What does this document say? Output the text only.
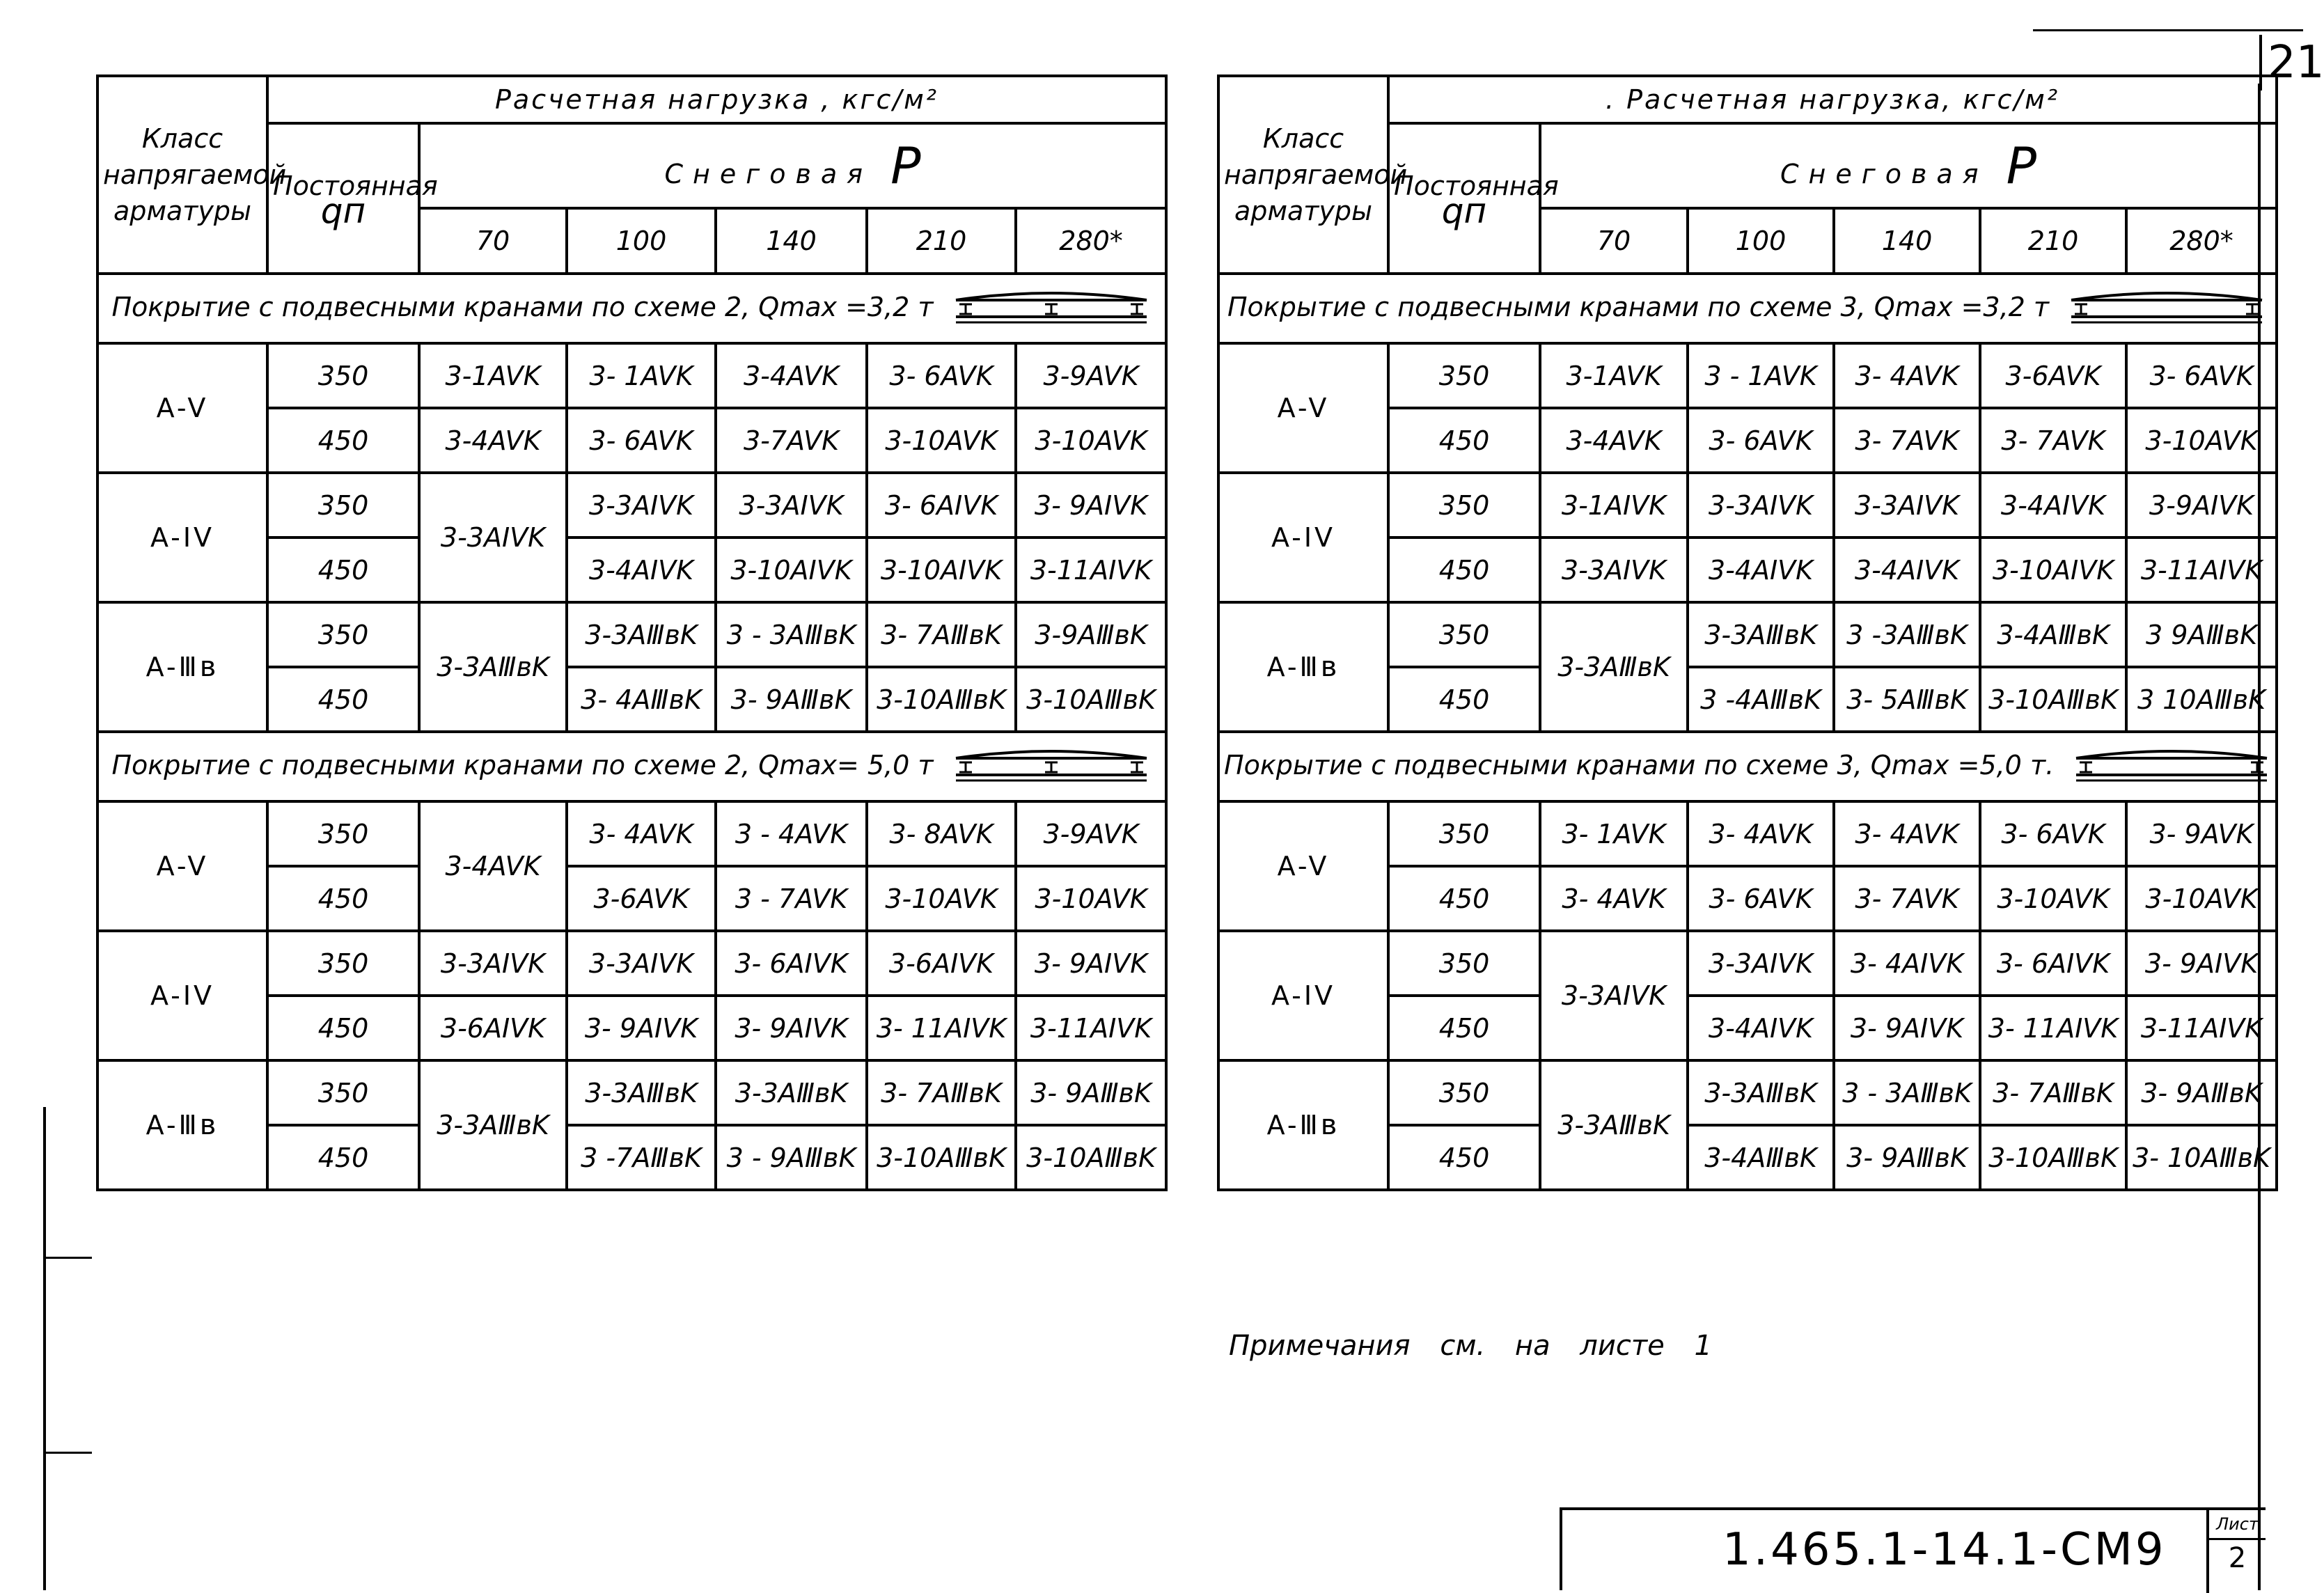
21
Класс напрягаемой арматуры	Расчетная нагрузка , кгс/м²					
	Постоянная
qп	Снеговая P				
		70	100	140	210	280*
Покрытие с подвесными кранами по схеме 2, Qmax =3,2 т						
A-V	350	3-1AVK	3- 1AVK	3-4AVK	3- 6AVK	3-9AVK
	450	3-4AVK	3- 6AVK	3-7AVK	3-10AVK	3-10AVK
A-IV	350	3-3AIVK	3-3AIVK	3-3AIVK	3- 6AIVK	3- 9AIVK
	450		3-4AIVK	3-10AIVK	3-10AIVK	3-11AIVK
A-Ⅲв	350	3-3AⅢвK	3-3AⅢвK	3 - 3AⅢвK	3- 7AⅢвK	3-9AⅢвK
	450		3- 4AⅢвK	3- 9AⅢвK	3-10AⅢвK	3-10AⅢвK
Покрытие с подвесными кранами по схеме 2, Qmax= 5,0 т						
A-V	350	3-4AVK	3- 4AVK	3 - 4AVK	3- 8AVK	3-9AVK
	450		3-6AVK	3 - 7AVK	3-10AVK	3-10AVK
A-IV	350	3-3AIVK	3-3AIVK	3- 6AIVK	3-6AIVK	3- 9AIVK
	450	3-6AIVK	3- 9AIVK	3- 9AIVK	3- 11AIVK	3-11AIVK
A-Ⅲв	350	3-3AⅢвK	3-3AⅢвK	3-3AⅢвK	3- 7AⅢвK	3- 9AⅢвK
	450		3 -7AⅢвK	3 - 9AⅢвK	3-10AⅢвK	3-10AⅢвK
Класс напрягаемой арматуры	. Расчетная нагрузка, кгс/м²					
	Постоянная
qп	Снеговая P				
		70	100	140	210	280*
Покрытие с подвесными кранами по схеме 3, Qmax =3,2 т						
A-V	350	3-1AVK	3 - 1AVK	3- 4AVK	3-6AVK	3- 6AVK
	450	3-4AVK	3- 6AVK	3- 7AVK	3- 7AVK	3-10AVK
A-IV	350	3-1AIVK	3-3AIVK	3-3AIVK	3-4AIVK	3-9AIVK
	450	3-3AIVK	3-4AIVK	3-4AIVK	3-10AIVK	3-11AIVK
A-Ⅲв	350	3-3AⅢвK	3-3AⅢвK	3 -3AⅢвK	3-4AⅢвK	3 9AⅢвK
	450		3 -4AⅢвK	3- 5AⅢвK	3-10AⅢвK	3 10AⅢвK
Покрытие с подвесными кранами по схеме 3, Qmax =5,0 т.						
A-V	350	3- 1AVK	3- 4AVK	3- 4AVK	3- 6AVK	3- 9AVK
	450	3- 4AVK	3- 6AVK	3- 7AVK	3-10AVK	3-10AVK
A-IV	350	3-3AIVK	3-3AIVK	3- 4AIVK	3- 6AIVK	3- 9AIVK
	450		3-4AIVK	3- 9AIVK	3- 11AIVK	3-11AIVK
A-Ⅲв	350	3-3AⅢвK	3-3AⅢвK	3 - 3AⅢвK	3- 7AⅢвK	3- 9AⅢвK
	450		3-4AⅢвK	3- 9AⅢвK	3-10AⅢвK	3- 10AⅢвK
Примечания см. на листе 1
1.465.1-14.1-CM9	Лист
2
